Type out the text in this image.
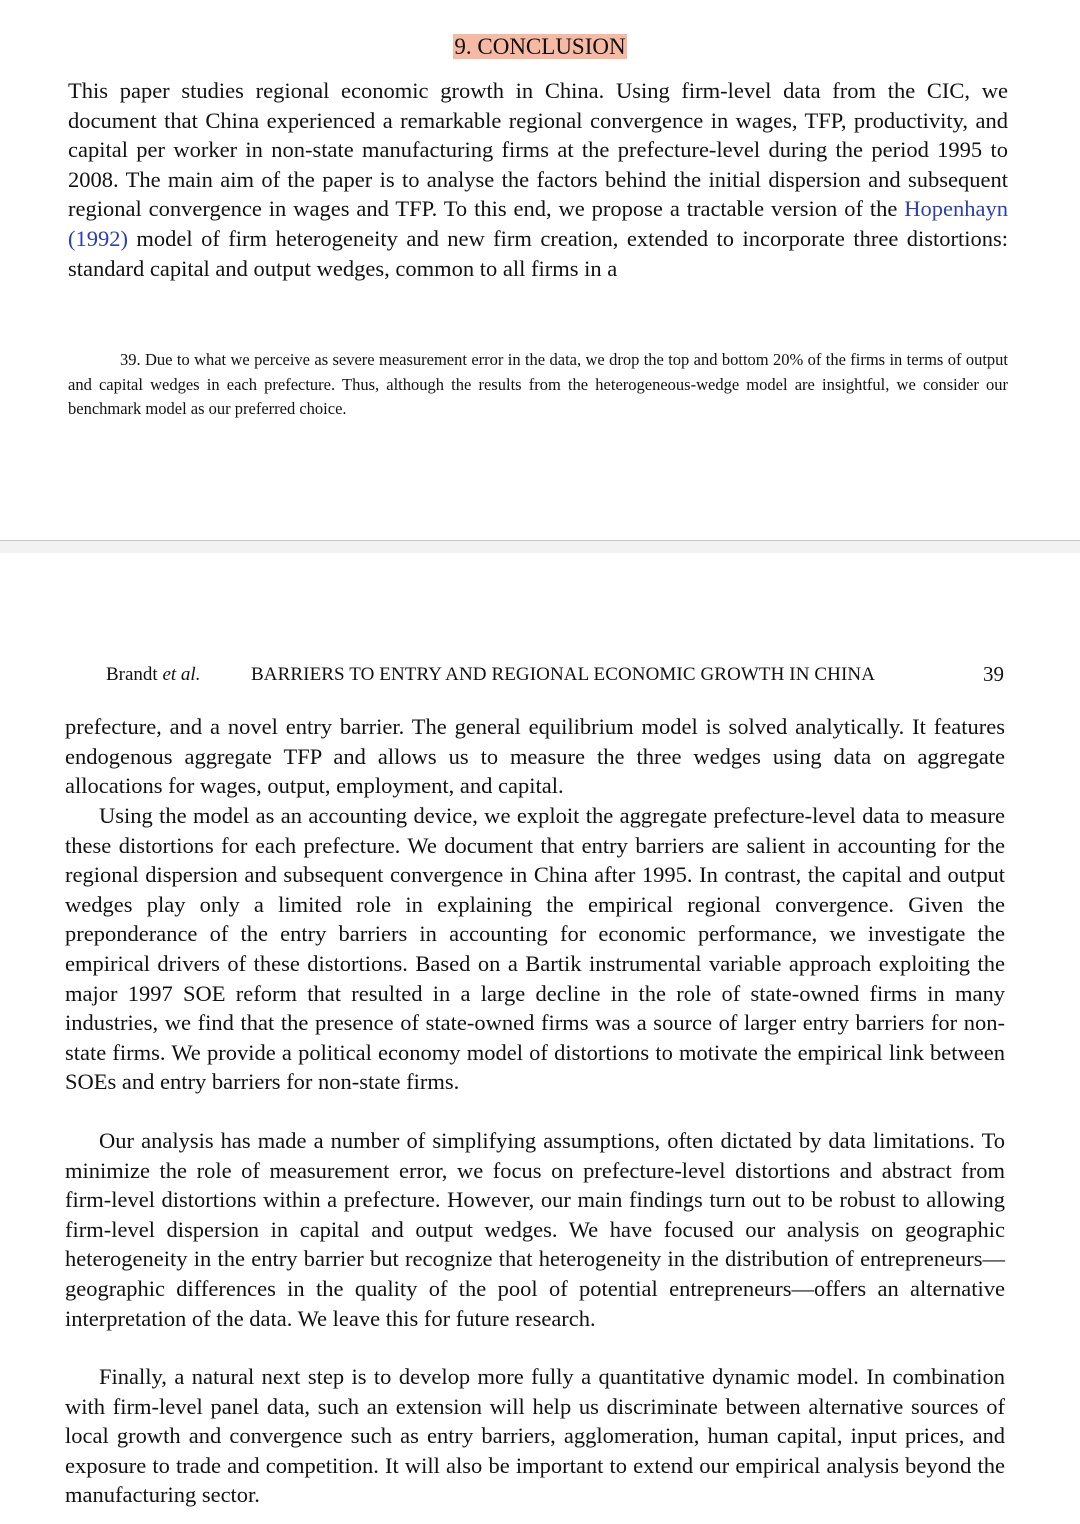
9. CONCLUSION

This paper studies regional economic growth in China. Using firm-level data from the CIC, we document that China experienced a remarkable regional convergence in wages, TFP, productivity, and capital per worker in non-state manufacturing firms at the prefecture-level during the period 1995 to 2008. The main aim of the paper is to analyse the factors behind the initial dispersion and subsequent regional convergence in wages and TFP. To this end, we propose a tractable version of the Hopenhayn (1992) model of firm heterogeneity and new firm creation, extended to incorporate three distortions: standard capital and output wedges, common to all firms in a

39. Due to what we perceive as severe measurement error in the data, we drop the top and bottom 20% of the firms in terms of output and capital wedges in each prefecture. Thus, although the results from the heterogeneous-wedge model are insightful, we consider our benchmark model as our preferred choice.

Brandt et al.	BARRIERS TO ENTRY AND REGIONAL ECONOMIC GROWTH IN CHINA	39

prefecture, and a novel entry barrier. The general equilibrium model is solved analytically. It features endogenous aggregate TFP and allows us to measure the three wedges using data on aggregate allocations for wages, output, employment, and capital.

Using the model as an accounting device, we exploit the aggregate prefecture-level data to measure these distortions for each prefecture. We document that entry barriers are salient in accounting for the regional dispersion and subsequent convergence in China after 1995. In contrast, the capital and output wedges play only a limited role in explaining the empirical regional convergence. Given the preponderance of the entry barriers in accounting for economic performance, we investigate the empirical drivers of these distortions. Based on a Bartik instrumental variable approach exploiting the major 1997 SOE reform that resulted in a large decline in the role of state-owned firms in many industries, we find that the presence of state-owned firms was a source of larger entry barriers for non-state firms. We provide a political economy model of distortions to motivate the empirical link between SOEs and entry barriers for non-state firms.

Our analysis has made a number of simplifying assumptions, often dictated by data limitations. To minimize the role of measurement error, we focus on prefecture-level distortions and abstract from firm-level distortions within a prefecture. However, our main findings turn out to be robust to allowing firm-level dispersion in capital and output wedges. We have focused our analysis on geographic heterogeneity in the entry barrier but recognize that heterogeneity in the distribution of entrepreneurs—geographic differences in the quality of the pool of potential entrepreneurs—offers an alternative interpretation of the data. We leave this for future research.

Finally, a natural next step is to develop more fully a quantitative dynamic model. In combination with firm-level panel data, such an extension will help us discriminate between alternative sources of local growth and convergence such as entry barriers, agglomeration, human capital, input prices, and exposure to trade and competition. It will also be important to extend our empirical analysis beyond the manufacturing sector.
